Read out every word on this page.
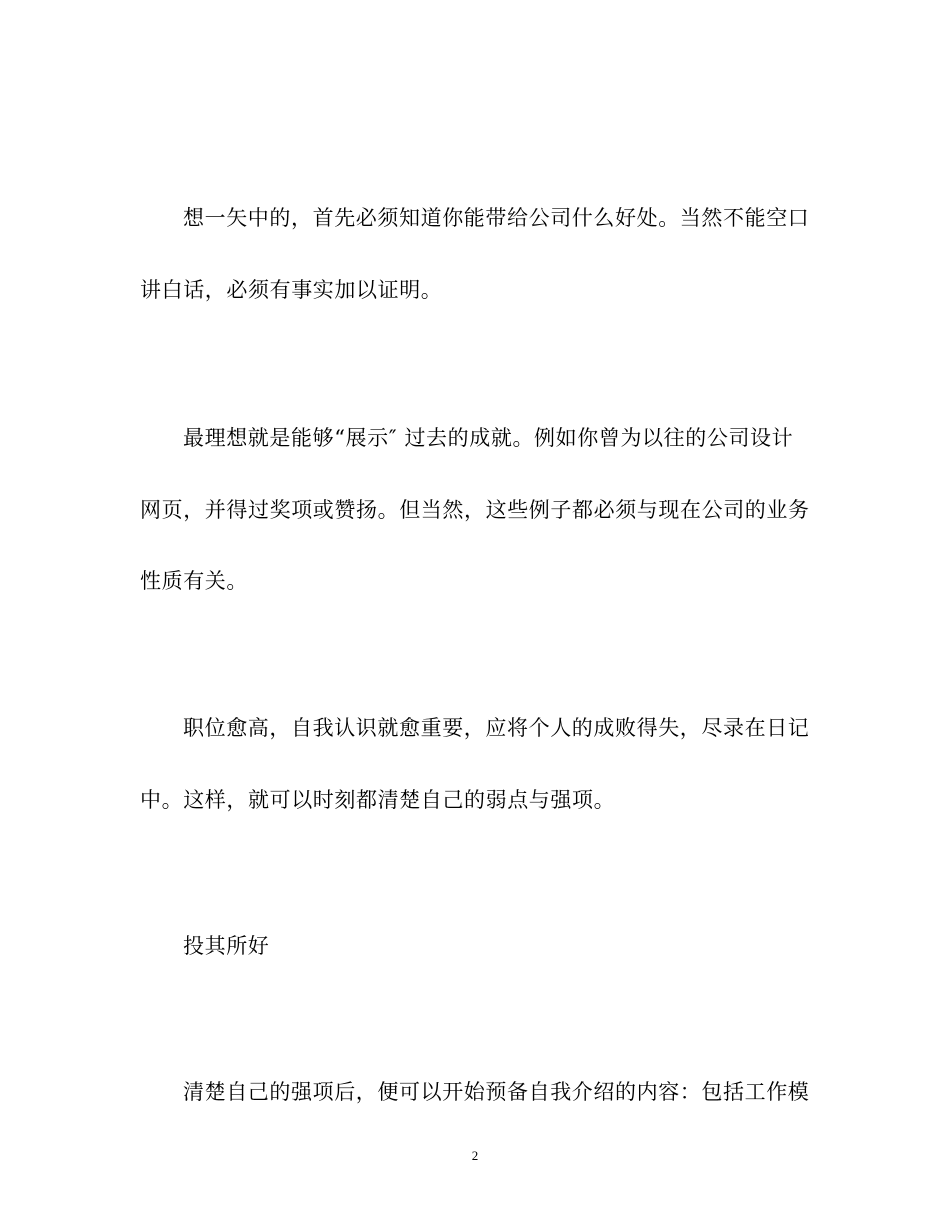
想一矢中的，首先必须知道你能带给公司什么好处。当然不能空口
讲白话，必须有事实加以证明。
最理想就是能够“展示″ 过去的成就。例如你曾为以往的公司设计
网页，并得过奖项或赞扬。但当然，这些例子都必须与现在公司的业务
性质有关。
职位愈高，自我认识就愈重要，应将个人的成败得失，尽录在日记
中。这样，就可以时刻都清楚自己的弱点与强项。
投其所好
清楚自己的强项后，便可以开始预备自我介绍的内容：包括工作模
2
